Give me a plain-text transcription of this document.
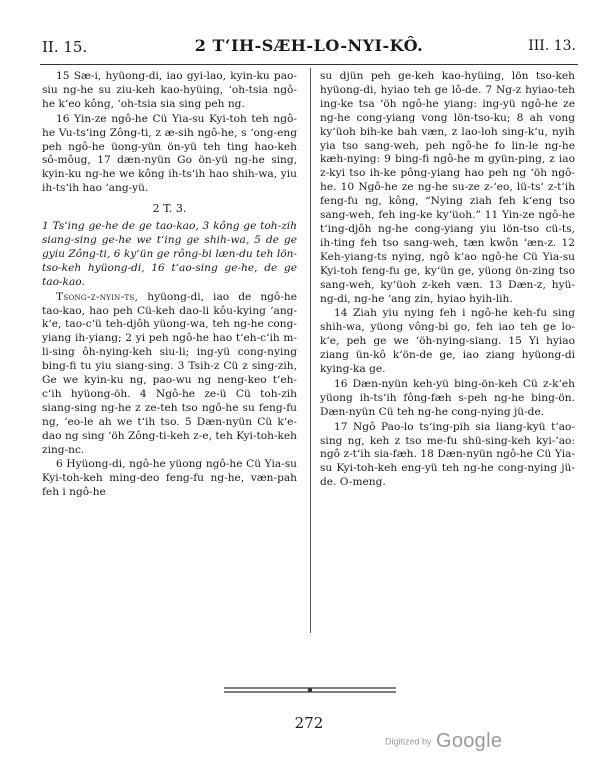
II. 15.	2 T‘IH-SÆH-LO-NYI-KÔ.	III. 13.

15 Sæ-i, hyüong-di, iao gyi-lao, kyin-ku pao-siu ng-he su ziu-keh kao-hyüing, ‘oh-tsia ngô-he k‘eo kông, ‘oh-tsia sia sing peh ng.

16 Yin-ze ngô-he Cü Yia-su Kyi-toh teh ngô-he Vu-ts‘ing Zông-ti, z æ-sih ngô-he, s ‘ong-eng peh ngô-he üong-yün ön-yü teh ting hao-keh sô-môug, 17 dæn-nyün Go ön-yü ng-he sing, kyin-ku ng-he we kông ih-ts‘ih hao shih-wa, yiu ih-ts‘ih hao ‘ang-yü.

2 T. 3.

1 Ts‘ing ge-he de ge tao-kao, 3 kông ge toh-zih siang-sing ge-he we t‘ing ge shih-wa, 5 de ge gyiu Zông-ti, 6 ky‘ün ge rông-bi læn-du teh lön-tso-keh hyüong-di, 16 t‘ao-sing ge-he, de ge tao-kao.

Tsong-z-nyin-ts, hyüong-di, iao de ngô-he tao-kao, hao peh Cü-keh dao-li kôu-kying ‘ang-k‘e, tao-c‘ü teh-djôh yüong-wa, teh ng-he cong-yiang ih-yiang; 2 yi peh ngô-he hao t‘eh-c‘ih m-li-sing ôh-nying-keh siu-li; ing-yü cong-nying bing-fi tu yiu siang-sing. 3 Tsih-z Cü z sing-zih, Ge we kyin-ku ng, pao-wu ng neng-keo t‘eh-c‘ih hyüong-öh. 4 Ngô-he ze-ü Cü toh-zih siang-sing ng-he z ze-teh tso ngô-he su feng-fu ng, ‘eo-le ah we t‘ih tso. 5 Dæn-nyün Cü k‘e-dao ng sing ‘öh Zông-ti-keh z-e, teh Kyi-toh-keh zing-nc.

6 Hyüong-di, ngô-he yüong ngô-he Cü Yia-su Kyi-toh-keh ming-deo feng-fu ng-he, væn-pah feh i ngô-he

su djün peh ge-keh kao-hyüing, lön tso-keh hyüong-di, hyiao teh ge lô-de. 7 Ng-z hyiao-teh ing-ke tsa ‘öh ngô-he yiang: ing-yü ngô-he ze ng-he cong-yiang vong lön-tso-ku; 8 ah vong ky‘üoh bih-ke bah væn, z lao-loh sing-k‘u, nyih yia tso sang-weh, peh ngô-he fo lin-le ng-he kæh-nying: 9 bing-fi ngô-he m gyün-ping, z iao z-kyi tso ih-ke pông-yiang hao peh ng ‘öh ngô-he. 10 Ngô-he ze ng-he su-ze z-‘eo, lü-ts‘ z-t‘ih feng-fu ng, kông, “Nying ziah feh k‘eng tso sang-weh, feh ing-ke ky‘üoh.” 11 Yin-ze ngô-he t‘ing-djôh ng-he cong-yiang yiu lön-tso cü-ts, ih-ting feh tso sang-weh, tæn kwôn ‘æn-z. 12 Keh-yiang-ts nying, ngô k‘ao ngô-he Cü Yia-su Kyi-toh feng-fu ge, ky‘ün ge, yüong ön-zing tso sang-weh, ky‘üoh z-keh væn. 13 Dæn-z, hyü-ng-di, ng-he ‘ang zin, hyiao hyih-lih.

14 Ziah yiu nying feh i ngô-he keh-fu sing shih-wa, yüong vông-bi go, feh iao teh ge lo-k‘e, peh ge we ‘öh-nying-siang. 15 Yi hyiao ziang ün-kô k‘ön-de ge, iao ziang hyüong-di kying-ka ge.

16 Dæn-nyün keh-yü bing-ön-keh Cü z-k‘eh yüong ih-ts‘ih fông-fæh s-peh ng-he bing-ön. Dæn-nyün Cü teh ng-he cong-nying jü-de.

17 Ngô Pao-lo ts‘ing-pih sia liang-kyü t‘ao-sing ng, keh z tso me-fu shü-sing-keh kyi-‘ao: ngô z-t‘ih sia-fæh. 18 Dæn-nyün ngô-he Cü Yia-su Kyi-toh-keh eng-yü teh ng-he cong-nying jü-de. O-meng.

272
Digitized by Google
